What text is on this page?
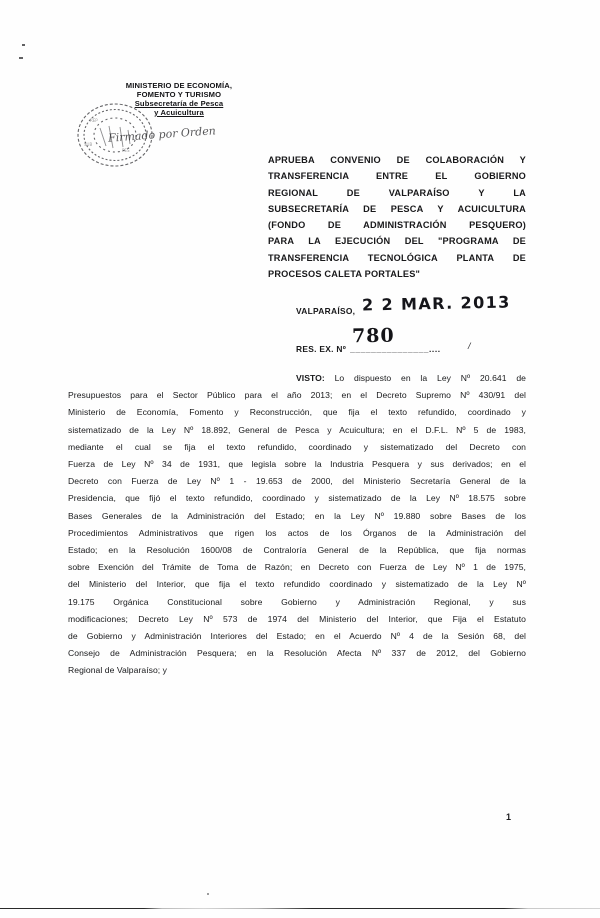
SUB
PES
REP
MINISTERIO DE ECONOMÍA,
FOMENTO Y TURISMO
Subsecretaría de Pesca
y Acuicultura
Firmado por Orden
APRUEBA CONVENIO DE COLABORACIÓN Y
TRANSFERENCIA ENTRE EL GOBIERNO
REGIONAL DE VALPARAÍSO Y LA
SUBSECRETARÍA DE PESCA Y ACUICULTURA
(FONDO DE ADMINISTRACIÓN PESQUERO)
PARA LA EJECUCIÓN DEL "PROGRAMA DE
TRANSFERENCIA TECNOLÓGICA PLANTA DE
PROCESOS CALETA PORTALES"
VALPARAÍSO, 2 2 MAR. 2013
780
RES. EX. Nº _______________....	/
VISTO: Lo dispuesto en la Ley Nº 20.641 de
Presupuestos para el Sector Público para el año 2013; en el Decreto Supremo Nº 430/91 del
Ministerio de Economía, Fomento y Reconstrucción, que fija el texto refundido, coordinado y
sistematizado de la Ley Nº 18.892, General de Pesca y Acuicultura; en el D.F.L. Nº 5 de 1983,
mediante el cual se fija el texto refundido, coordinado y sistematizado del Decreto con
Fuerza de Ley Nº 34 de 1931, que legisla sobre la Industria Pesquera y sus derivados; en el
Decreto con Fuerza de Ley Nº 1 - 19.653 de 2000, del Ministerio Secretaría General de la
Presidencia, que fijó el texto refundido, coordinado y sistematizado de la Ley Nº 18.575 sobre
Bases Generales de la Administración del Estado; en la Ley Nº 19.880 sobre Bases de los
Procedimientos Administrativos que rigen los actos de los Órganos de la Administración del
Estado; en la Resolución 1600/08 de Contraloría General de la República, que fija normas
sobre Exención del Trámite de Toma de Razón; en Decreto con Fuerza de Ley Nº 1 de 1975,
del Ministerio del Interior, que fija el texto refundido coordinado y sistematizado de la Ley Nº
19.175 Orgánica Constitucional sobre Gobierno y Administración Regional, y sus
modificaciones; Decreto Ley Nº 573 de 1974 del Ministerio del Interior, que Fija el Estatuto
de Gobierno y Administración Interiores del Estado; en el Acuerdo Nº 4 de la Sesión 68, del
Consejo de Administración Pesquera; en la Resolución Afecta Nº 337 de 2012, del Gobierno
Regional de Valparaíso; y
1
